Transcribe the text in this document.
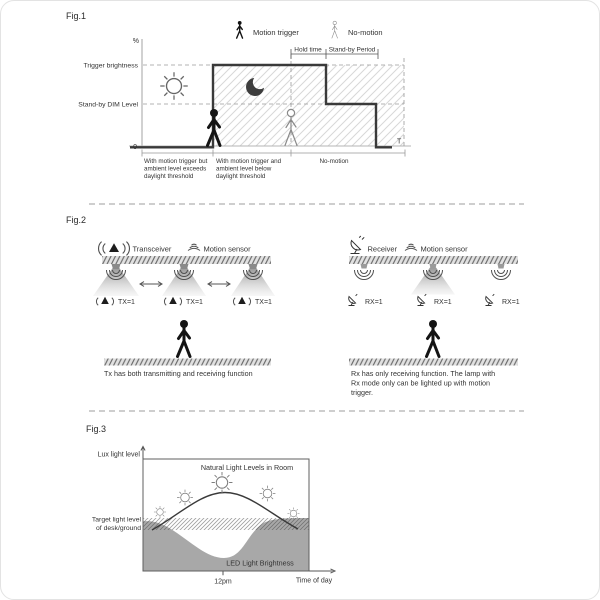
Fig.1
Motion trigger	No-motion
Hold time Stand-by Period
%
Trigger brightness
Stand-by DIM Level
0
T
With motion trigger but
ambient level exceeds
daylight threshold
With motion trigger and
ambient level below
daylight threshold
No-motion
Fig.2
Transceiver	Motion sensor
TX=1	TX=1	TX=1
Tx has both transmitting and receiving function
Receiver	Motion sensor
RX=1	RX=1	RX=1
Rx has only receiving function. The lamp with
Rx mode only can be lighted up with motion
trigger.
Fig.3
Lux light level
Natural Light Levels in Room
Target light level
of desk/ground
LED Light Brightness
12pm	Time of day
